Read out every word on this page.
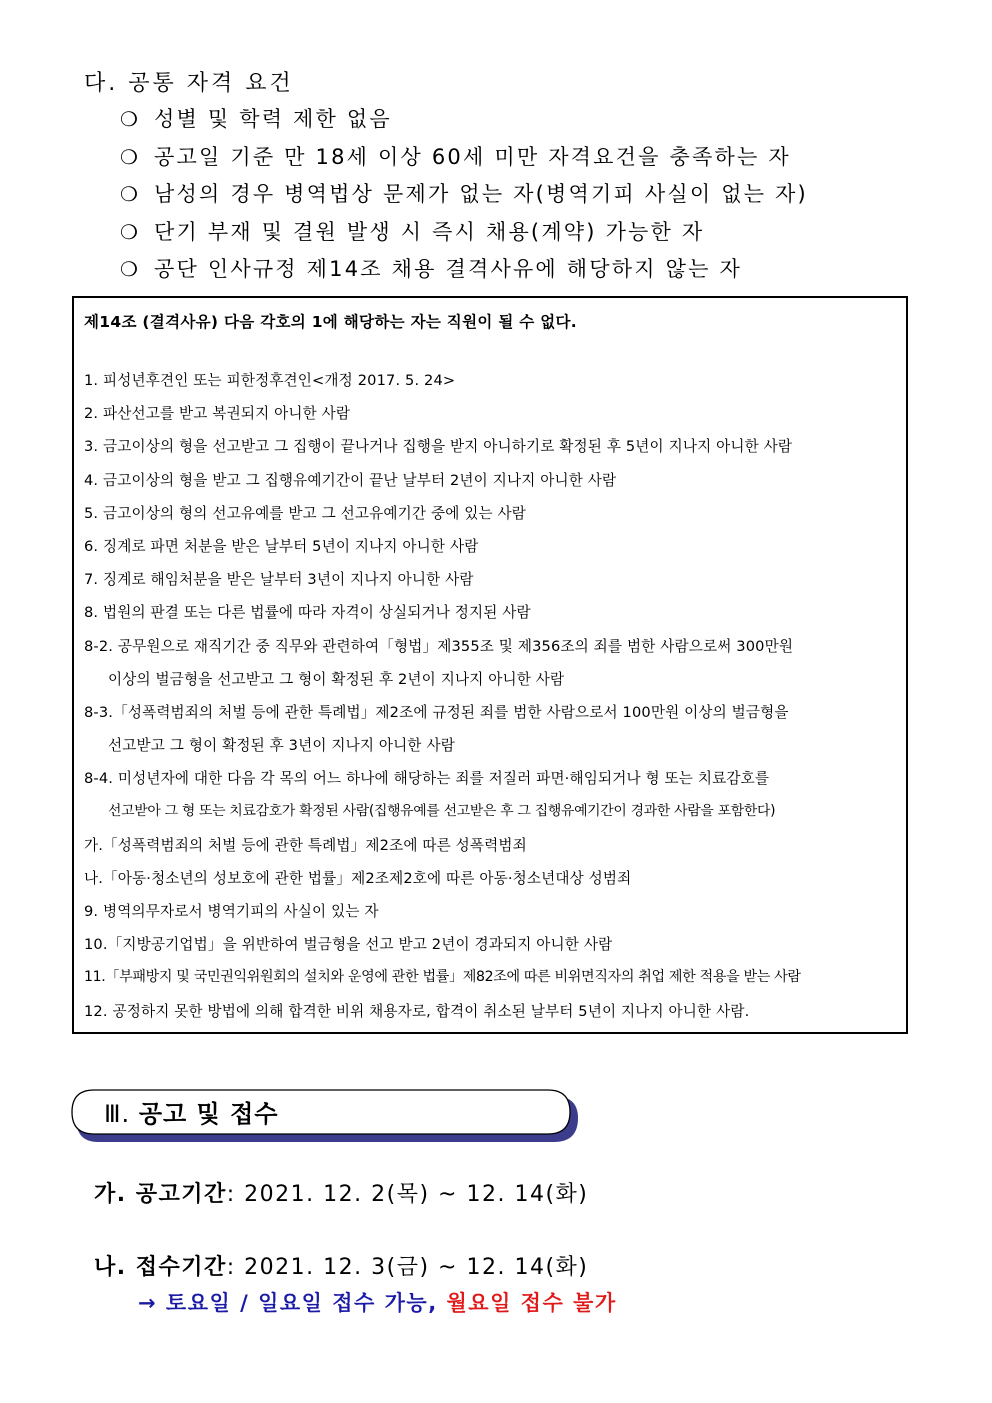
다. 공통 자격 요건
❍ 성별 및 학력 제한 없음
❍ 공고일 기준 만 18세 이상 60세 미만 자격요건을 충족하는 자
❍ 남성의 경우 병역법상 문제가 없는 자(병역기피 사실이 없는 자)
❍ 단기 부재 및 결원 발생 시 즉시 채용(계약) 가능한 자
❍ 공단 인사규정 제14조 채용 결격사유에 해당하지 않는 자
제14조 (결격사유) 다음 각호의 1에 해당하는 자는 직원이 될 수 없다.
1. 피성년후견인 또는 피한정후견인<개정 2017. 5. 24>
2. 파산선고를 받고 복권되지 아니한 사람
3. 금고이상의 형을 선고받고 그 집행이 끝나거나 집행을 받지 아니하기로 확정된 후 5년이 지나지 아니한 사람
4. 금고이상의 형을 받고 그 집행유예기간이 끝난 날부터 2년이 지나지 아니한 사람
5. 금고이상의 형의 선고유예를 받고 그 선고유예기간 중에 있는 사람
6. 징계로 파면 처분을 받은 날부터 5년이 지나지 아니한 사람
7. 징계로 해임처분을 받은 날부터 3년이 지나지 아니한 사람
8. 법원의 판결 또는 다른 법률에 따라 자격이 상실되거나 정지된 사람
8-2. 공무원으로 재직기간 중 직무와 관련하여「형법」제355조 및 제356조의 죄를 범한 사람으로써 300만원
이상의 벌금형을 선고받고 그 형이 확정된 후 2년이 지나지 아니한 사람
8-3.「성폭력범죄의 처벌 등에 관한 특례법」제2조에 규정된 죄를 범한 사람으로서 100만원 이상의 벌금형을
선고받고 그 형이 확정된 후 3년이 지나지 아니한 사람
8-4. 미성년자에 대한 다음 각 목의 어느 하나에 해당하는 죄를 저질러 파면·해임되거나 형 또는 치료감호를
선고받아 그 형 또는 치료감호가 확정된 사람(집행유예를 선고받은 후 그 집행유예기간이 경과한 사람을 포함한다)
가.「성폭력범죄의 처벌 등에 관한 특례법」제2조에 따른 성폭력범죄
나.「아동·청소년의 성보호에 관한 법률」제2조제2호에 따른 아동·청소년대상 성범죄
9. 병역의무자로서 병역기피의 사실이 있는 자
10.「지방공기업법」을 위반하여 벌금형을 선고 받고 2년이 경과되지 아니한 사람
11.「부패방지 및 국민권익위원회의 설치와 운영에 관한 법률」제82조에 따른 비위면직자의 취업 제한 적용을 받는 사람
12. 공정하지 못한 방법에 의해 합격한 비위 채용자로, 합격이 취소된 날부터 5년이 지나지 아니한 사람.
Ⅲ. 공고 및 접수
가. 공고기간: 2021. 12. 2(목) ~ 12. 14(화)
나. 접수기간: 2021. 12. 3(금) ~ 12. 14(화)
→ 토요일 / 일요일 접수 가능, 월요일 접수 불가
